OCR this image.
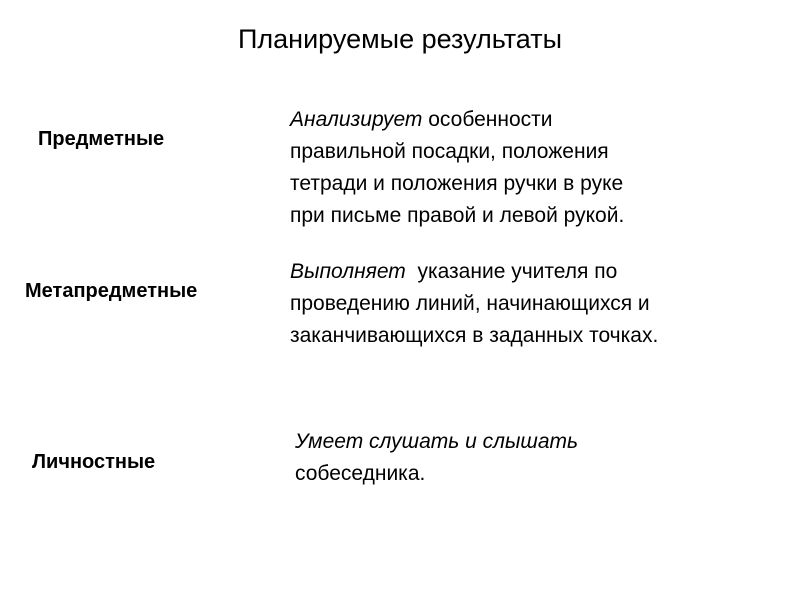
Планируемые результаты
Предметные

Анализирует особенности
правильной посадки, положения
тетради и положения ручки в руке
при письме правой и левой рукой.

Метапредметные

Выполняет  указание учителя по
проведению линий, начинающихся и
заканчивающихся в заданных точках.

Личностные

Умеет слушать и слышать
собеседника.
